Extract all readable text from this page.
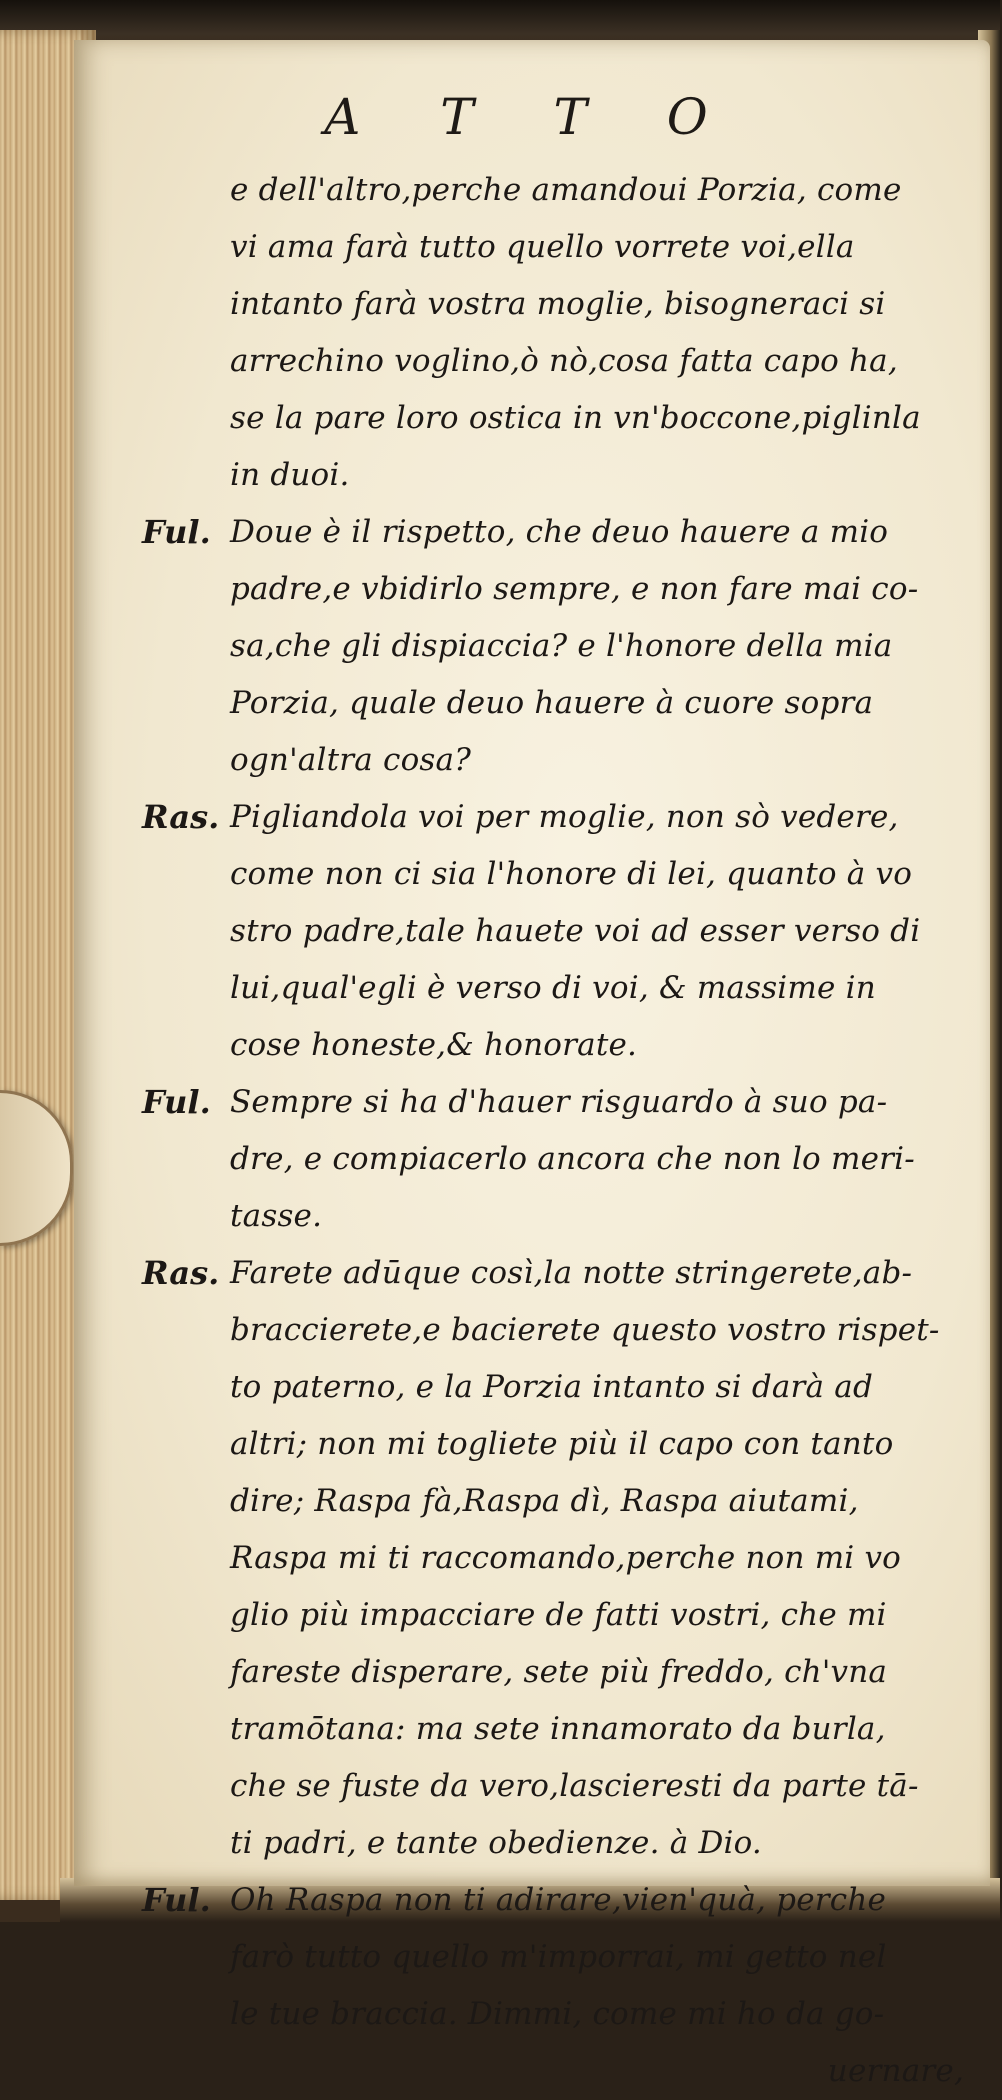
A T T O
e dell'altro,perche amandoui Porzia, come
vi ama farà tutto quello vorrete voi,ella
intanto farà vostra moglie, bisogneraci si
arrechino voglino,ò nò,cosa fatta capo ha,
se la pare loro ostica in vn'boccone,piglinla
in duoi.
Ful. Doue è il rispetto, che deuo hauere a mio
padre,e vbidirlo sempre, e non fare mai co-
sa,che gli dispiaccia? e l'honore della mia
Porzia, quale deuo hauere à cuore sopra
ogn'altra cosa?
Ras. Pigliandola voi per moglie, non sò vedere,
come non ci sia l'honore di lei, quanto à vo
stro padre,tale hauete voi ad esser verso di
lui,qual'egli è verso di voi, & massime in
cose honeste,& honorate.
Ful. Sempre si ha d'hauer risguardo à suo pa-
dre, e compiacerlo ancora che non lo meri-
tasse.
Ras. Farete adūque così,la notte stringerete,ab-
braccierete,e bacierete questo vostro rispet-
to paterno, e la Porzia intanto si darà ad
altri; non mi togliete più il capo con tanto
dire; Raspa fà,Raspa dì, Raspa aiutami,
Raspa mi ti raccomando,perche non mi vo
glio più impacciare de fatti vostri, che mi
fareste disperare, sete più freddo, ch'vna
tramōtana: ma sete innamorato da burla,
che se fuste da vero,lascieresti da parte tā-
ti padri, e tante obedienze. à Dio.
Ful. Oh Raspa non ti adirare,vien'quà, perche
farò tutto quello m'imporrai, mi getto nel
le tue braccia. Dimmi, come mi ho da go-
uernare,
